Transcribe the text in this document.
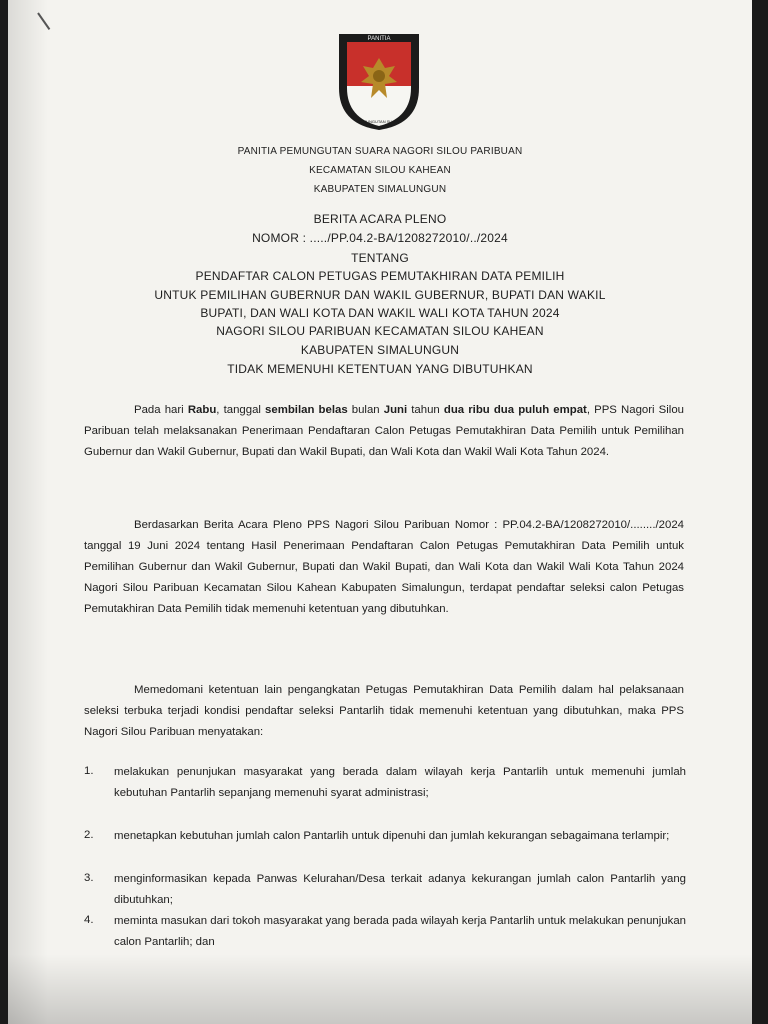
PANITIA
PEMUNGUTAN SUARA
PANITIA PEMUNGUTAN SUARA NAGORI SILOU PARIBUAN
KECAMATAN SILOU KAHEAN
KABUPATEN SIMALUNGUN
BERITA ACARA PLENO
NOMOR : ...../PP.04.2-BA/1208272010/../2024
TENTANG
PENDAFTAR CALON PETUGAS PEMUTAKHIRAN DATA PEMILIH
UNTUK PEMILIHAN GUBERNUR DAN WAKIL GUBERNUR, BUPATI DAN WAKIL
BUPATI, DAN WALI KOTA DAN WAKIL WALI KOTA TAHUN 2024
NAGORI SILOU PARIBUAN KECAMATAN SILOU KAHEAN
KABUPATEN SIMALUNGUN
TIDAK MEMENUHI KETENTUAN YANG DIBUTUHKAN
Pada hari Rabu, tanggal sembilan belas bulan Juni tahun dua ribu dua puluh empat, PPS Nagori Silou Paribuan telah melaksanakan Penerimaan Pendaftaran Calon Petugas Pemutakhiran Data Pemilih untuk Pemilihan Gubernur dan Wakil Gubernur, Bupati dan Wakil Bupati, dan Wali Kota dan Wakil Wali Kota Tahun 2024.
Berdasarkan Berita Acara Pleno PPS Nagori Silou Paribuan Nomor : PP.04.2-BA/1208272010/......../2024 tanggal 19 Juni 2024 tentang Hasil Penerimaan Pendaftaran Calon Petugas Pemutakhiran Data Pemilih untuk Pemilihan Gubernur dan Wakil Gubernur, Bupati dan Wakil Bupati, dan Wali Kota dan Wakil Wali Kota Tahun 2024 Nagori Silou Paribuan Kecamatan Silou Kahean Kabupaten Simalungun, terdapat pendaftar seleksi calon Petugas Pemutakhiran Data Pemilih tidak memenuhi ketentuan yang dibutuhkan.
Memedomani ketentuan lain pengangkatan Petugas Pemutakhiran Data Pemilih dalam hal pelaksanaan seleksi terbuka terjadi kondisi pendaftar seleksi Pantarlih tidak memenuhi ketentuan yang dibutuhkan, maka PPS Nagori Silou Paribuan menyatakan:
1. melakukan penunjukan masyarakat yang berada dalam wilayah kerja Pantarlih untuk memenuhi jumlah kebutuhan Pantarlih sepanjang memenuhi syarat administrasi;
2. menetapkan kebutuhan jumlah calon Pantarlih untuk dipenuhi dan jumlah kekurangan sebagaimana terlampir;
3. menginformasikan kepada Panwas Kelurahan/Desa terkait adanya kekurangan jumlah calon Pantarlih yang dibutuhkan;
4. meminta masukan dari tokoh masyarakat yang berada pada wilayah kerja Pantarlih untuk melakukan penunjukan calon Pantarlih; dan
